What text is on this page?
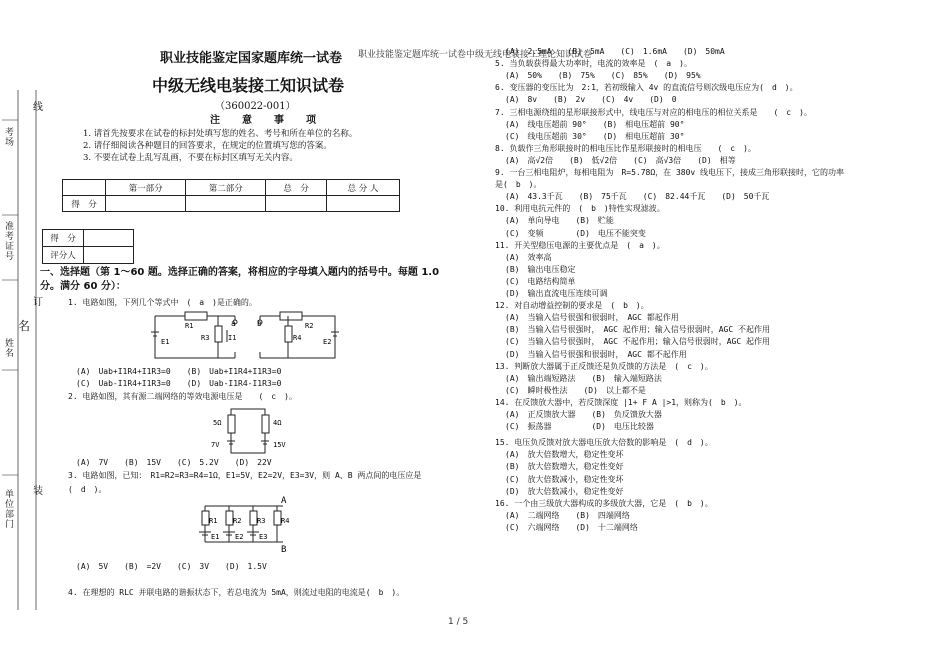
职业技能鉴定题库统一试卷中级无线电装接工理论知识试卷
线
考场
准考证号
订
名
姓名
装
单位部门
职业技能鉴定国家题库统一试卷
中级无线电装接工知识试卷
（360022-001）
注意事项
1. 请首先按要求在试卷的标封处填写您的姓名、考号和所在单位的名称。
2. 请仔细阅读各种题目的回答要求，在规定的位置填写您的答案。
3. 不要在试卷上乱写乱画，不要在标封区填写无关内容。
	第一部分	第二部分	总　分	总 分 人
得　分				
得　分	
评分人	
一、选择题（第 1～60 题。选择正确的答案，将相应的字母填入题内的括号中。每题 1.0 分。满分 60 分）：
1. 电路如图，下列几个等式中　(　a　)是正确的。
R1
R3	I1
R2
R4
E1	E2
a	b
(A)　Uab+I1R4+I1R3=0　　(B)　Uab+I1R4+I1R3=0
(C)　Uab-I1R4+I1R3=0　　(D)　Uab-I1R4-I1R3=0
2. 电路如图，其有源二端网络的等效电源电压是　　(　c　)。
5Ω	4Ω
7V	15V
(A)　7V　　(B)　15V　　(C)　5.2V　　(D)　22V
3. 电路如图，已知：　R1=R2=R3=R4=1Ω，E1=5V，E2=2V，E3=3V，则 A、B 两点间的电压应是
(　d　)。
A
B
R1 R2 R3 R4
E1 E2 E3
(A)　5V　　(B)　=2V　　(C)　3V　　(D)　1.5V
4. 在理想的 RLC 并联电路的谐振状态下，若总电流为 5mA，则流过电阻的电流是(　b　)。
(A)　2.5mA　　(B)　5mA　　(C)　1.6mA　　(D)　50mA
5. 当负载获得最大功率时，电流的效率是　(　a　)。
(A)　50%　　(B)　75%　　(C)　85%　　(D)　95%
6. 变压器的变压比为　2:1，若初级输入 4v 的直流信号则次级电压应为(　d　)。
(A)　8v　　(B)　2v　　(C)　4v　　(D)　0
7. 三相电源绕组的星形联接形式中，线电压与对应的相电压的相位关系是　　(　c　)。
(A)　线电压超前 90°　　(B)　相电压超前 90°
(C)　线电压超前 30°　　(D)　相电压超前 30°
8. 负载作三角形联接时的相电压比作星形联接时的相电压　　(　c　)。
(A)　高√2倍　　(B)　低√2倍　　(C)　高√3倍　　(D)　相等
9. 一台三相电阻炉，每相电阻为　R=5.78Ω，在 380v 线电压下，接成三角形联接时，它的功率
是(　b　)。
(A)　43.3千瓦　　(B)　75千瓦　　(C)　82.44千瓦　　(D)　50千瓦
10. 利用电抗元件的　(　b　)特性实现滤波。
(A)　单向导电　　(B)　贮能
(C)　变频　　　　(D)　电压不能突变
11. 开关型稳压电源的主要优点是　(　a　)。
(A)　效率高
(B)　输出电压稳定
(C)　电路结构简单
(D)　输出直流电压连续可调
12. 对自动增益控制的要求是　(　b　)。
(A)　当输入信号很强和很弱时，　AGC 都起作用
(B)　当输入信号很强时，　AGC 起作用；输入信号很弱时，AGC 不起作用
(C)　当输入信号很强时，　AGC 不起作用；输入信号很弱时，AGC 起作用
(D)　当输入信号很强和很弱时，　AGC 都不起作用
13. 判断放大器属于正反馈还是负反馈的方法是　(　c　)。
(A)　输出端短路法　　(B)　输入端短路法
(C)　瞬时极性法　　(D)　以上都不是
14. 在反馈放大器中，若反馈深度 |1+ F A |>1，则称为(　b　)。
(A)　正反馈放大器　　(B)　负反馈放大器
(C)　振荡器　　　　　(D)　电压比较器
15. 电压负反馈对放大器电压放大倍数的影响是　(　d　)。
(A)　放大倍数增大，稳定性变坏
(B)　放大倍数增大，稳定性变好
(C)　放大倍数减小，稳定性变坏
(D)　放大倍数减小，稳定性变好
16. 一个由三级放大器构成的多级放大器，它是　(　b　)。
(A)　二端网络　　(B)　四端网络
(C)　六端网络　　(D)　十二端网络
1 / 5
